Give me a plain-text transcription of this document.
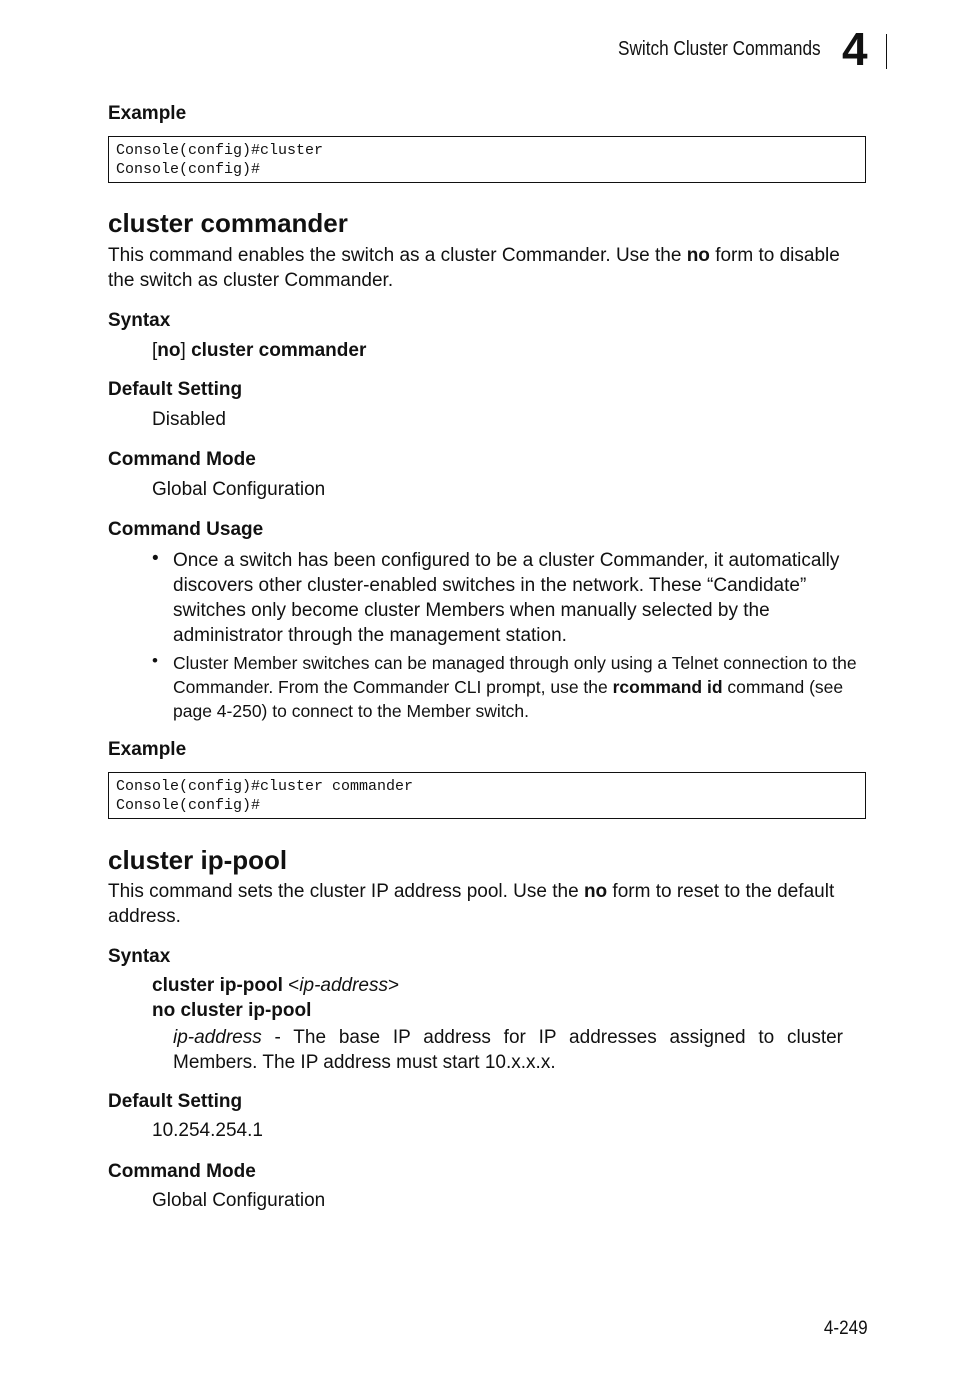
Switch Cluster Commands 4
Example
Console(config)#cluster
Console(config)#
cluster commander
This command enables the switch as a cluster Commander. Use the no form to disable the switch as cluster Commander.
Syntax
[no] cluster commander
Default Setting
Disabled
Command Mode
Global Configuration
Command Usage
• Once a switch has been configured to be a cluster Commander, it automatically discovers other cluster-enabled switches in the network. These “Candidate” switches only become cluster Members when manually selected by the administrator through the management station.
• Cluster Member switches can be managed through only using a Telnet connection to the Commander. From the Commander CLI prompt, use the rcommand id command (see page 4-250) to connect to the Member switch.
Example
Console(config)#cluster commander
Console(config)#
cluster ip-pool
This command sets the cluster IP address pool. Use the no form to reset to the default address.
Syntax
cluster ip-pool <ip-address>
no cluster ip-pool
ip-address - The base IP address for IP addresses assigned to cluster Members. The IP address must start 10.x.x.x.
Default Setting
10.254.254.1
Command Mode
Global Configuration
4-249
